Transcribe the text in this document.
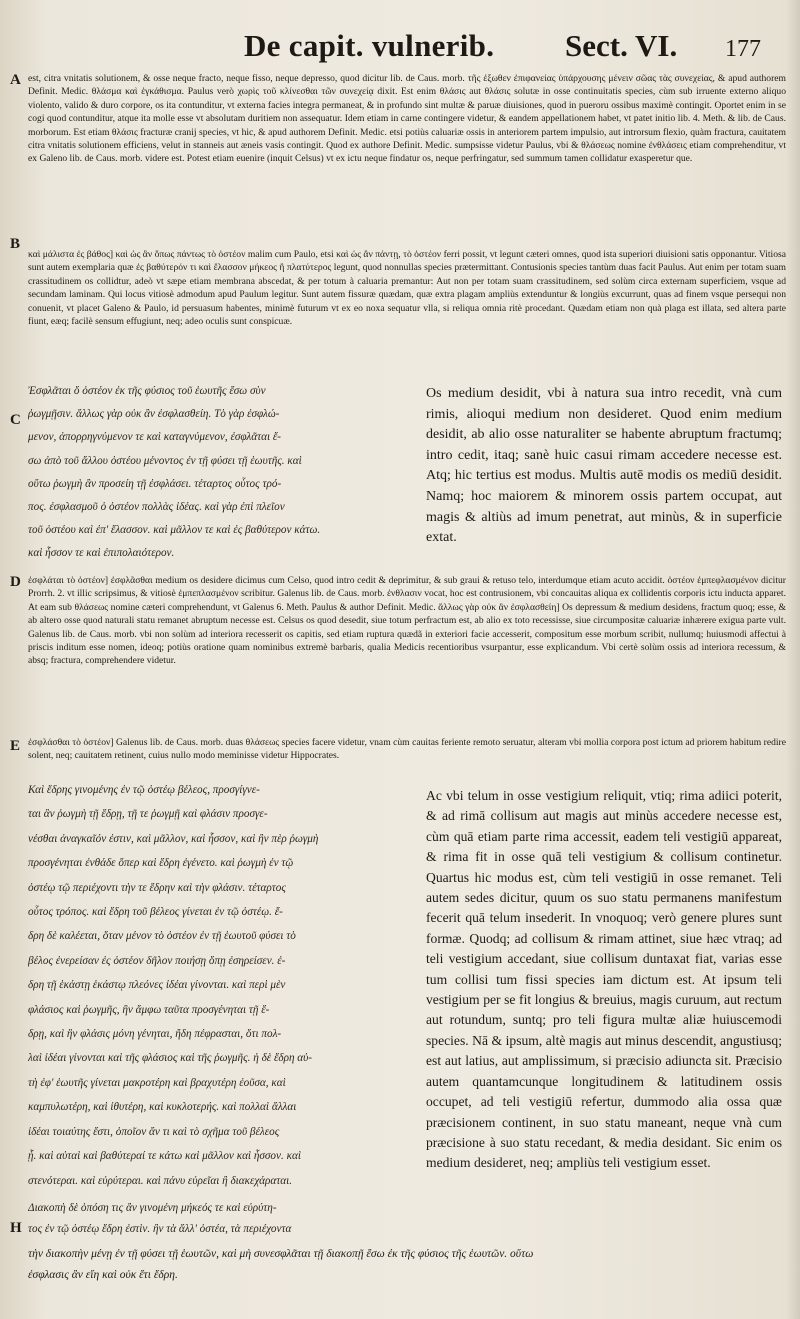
De capit. vulnerib. Sect. VI. 177
A est, citra vnitatis solutionem, & osse neque fracto, neque fisso, neque depresso, quod dicitur lib. de Caus. morb. τῆς ἐξωθεν ἐπιφανείας ὑπάρχουσης μένειν σῶας τὰς συνεχείας, & apud authorem Definit. Medic. θλάσμα καὶ ἐγκάθισμα. Paulus verò χωρὶς τοῦ κλίνεσθαι τῶν συνεχείᾳ dixit. Est enim θλάσις aut θλάσις solutæ in osse continuitatis species, cùm sub irruente externo aliquo violento, valido & duro corpore, os ita contunditur, vt externa facies integra permaneat, & in profundo sint multæ & paruæ diuisiones, quod in pueroru ossibus maximè contingit. Oportet enim in se cogi quod contunditur, atque ita molle esse vt absolutam duritiem non assequatur. Idem etiam in carne contingere videtur, & eandem appellationem habet, vt patet initio lib. 4. Meth. & lib. de Caus. morborum. Est etiam θλάσις fracturæ cranij species, vt hic, & apud authorem Definit. Medic. etsi potiùs caluariæ ossis in anteriorem partem impulsio, aut introrsum flexio, quàm fractura, cauitatem citra vnitatis solutionem efficiens, velut in stanneis aut æneis vasis contingit. Quod ex authore Definit. Medic. sumpsisse videtur Paulus, vbi & θλάσεως nomine ἐνθλάσεις etiam comprehenditur, vt ex Galeno lib. de Caus. morb. videre est. Potest etiam euenire (inquit Celsus) vt ex ictu neque findatur os, neque perfringatur, sed summum tamen collidatur exasperetur que.
B
καὶ μάλιστα ἐς βάθος] καὶ ὡς ἂν ὅπως πάντως τὸ ὀστέον malim cum Paulo, etsi καὶ ὡς ἂν πάντῃ, τὸ ὀστέον ferri possit, vt legunt cæteri omnes, quod ista superiori diuisioni satis opponantur. Vitiosa sunt autem exemplaria quæ ἐς βαθύτερόν τι καὶ ἔλασσον μήκεος ἢ πλατύτερος legunt, quod nonnullas species prætermittant. Contusionis species tantùm duas facit Paulus. Aut enim per totam suam crassitudinem os collidtur, adeò vt sæpe etiam membrana abscedat, & per totum à caluaria premantur: Aut non per totam suam crassitudinem, sed solùm circa externam superficiem, vsque ad secundam laminam. Qui locus vitiosè admodum apud Paulum legitur. Sunt autem fissuræ quædam, quæ extra plagam ampliùs extenduntur & longiùs excurrunt, quas ad finem vsque persequi non conuenit, vt placet Galeno & Paulo, id persuasum habentes, minimè futurum vt ex eo noxa sequatur vlla, si reliqua omnia ritè procedant. Quædam etiam non quà plaga est illata, sed altera parte fiunt, eæq; facilè sensum effugiunt, neq; adeo oculis sunt conspicuæ.
C
Ἐσφλᾶται ὅ ὀστέον ἐκ τῆς φύσιος τοῦ ἑωυτῆς ἔσω σὺν
ῥωγμῇσιν. ἄλλως γὰρ οὐκ ἂν ἐσφλασθείη. Τὸ γὰρ ἐσφλώ-
μενον, ἀπορρηγνύμενον τε καὶ καταγνύμενον, ἐσφλᾶται ἔ-
σω ἀπὸ τοῦ ἄλλου ὀστέου μένοντος ἐν τῇ φύσει τῇ ἑωυτῆς. καὶ
οὕτω ῥωγμὴ ἂν προσείη τῇ ἐσφλάσει. τέταρτος οὗτος τρό-
πος. ἐσφλασμοῦ ὁ ὀστέον πολλὰς ἰδέας. καὶ γὰρ ἐπὶ πλεῖον
τοῦ ὀστέου καὶ ἐπ' ἔλασσον. καὶ μᾶλλον τε καὶ ἐς βαθύτερον κάτω.
καὶ ἧσσον τε καὶ ἐπιπολαιότερον.
Os medium desidit, vbi à natura sua intro recedit, vnà cum rimis, alioqui medium non desideret. Quod enim medium desidit, ab alio osse naturaliter se habente abruptum fractumq; intro cedit, itaq; sanè huic casui rimam accedere necesse est. Atq; hic tertius est modus. Multis autē modis os mediū desidit. Namq; hoc maiorem & minorem ossis partem occupat, aut magis & altiùs ad imum penetrat, aut minùs, & in superficie extat.
D ἐσφλάται τὸ ὀστέον] ἐσφλᾶσθαι medium os desidere dicimus cum Celso, quod intro cedit & deprimitur, & sub graui & retuso telo, interdumque etiam acuto accidit. ὀστέον ἐμπεφλασμένον dicitur Prorrh. 2. vt illic scripsimus, & vitiosè ἐμπεπλασμένον scribitur. Galenus lib. de Caus. morb. ἐνθλασιν vocat, hoc est contrusionem, vbi concauitas aliqua ex collidentis corporis ictu inducta apparet. At eam sub θλάσεως nomine cæteri comprehendunt, vt Galenus 6. Meth. Paulus & author Definit. Medic. ἄλλως γὰρ οὐκ ἂν ἐσφλασθείη] Os depressum & medium desidens, fractum quoq; esse, & ab altero osse quod naturali statu remanet abruptum necesse est. Celsus os quod desedit, siue totum perfractum est, ab alio ex toto recessisse, siue circumpositæ caluariæ inhærere exigua parte vult. Galenus lib. de Caus. morb. vbi non solùm ad interiora recesserit os capitis, sed etiam ruptura quædã in exteriori facie accesserit, compositum esse morbum scribit, nullumq; huiusmodi affectui à priscis inditum esse nomen, ideoq; potiùs oratione quam nominibus extremè barbaris, qualia Medicis recentioribus vsurpantur, esse explicandum. Vbi certè solùm ossis ad interiora recessum, & absq; fractura, comprehendere videtur.
E ἐσφλάσθαι τὸ ὀστέον] Galenus lib. de Caus. morb. duas θλάσεως species facere videtur, vnam cùm cauitas feriente remoto seruatur, alteram vbi mollia corpora post ictum ad priorem habitum redire solent, neq; cauitatem retinent, cuius nullo modo meminisse videtur Hippocrates.
Καὶ ἕδρης γινομένης ἐν τῷ ὀστέῳ βέλεος, προσγίγνε-
ται ἂν ῥωγμὴ τῇ ἕδρῃ, τῇ τε ῥωγμῇ καὶ φλάσιν προσγε-
νέσθαι ἀναγκαῖόν ἐστιν, καὶ μᾶλλον, καὶ ἧσσον, καὶ ἢν πὲρ ῥωγμὴ
προσγένηται ἐνθάδε ὅπερ καὶ ἕδρη ἐγένετο. καὶ ῥωγμὴ ἐν τῷ
ὀστέῳ τῷ περιέχοντι τὴν τε ἕδρην καὶ τὴν φλάσιν. τέταρτος
οὗτος τρόπος. καὶ ἕδρη τοῦ βέλεος γίνεται ἐν τῷ ὀστέῳ. ἕ-
δρη δὲ καλέεται, ὅταν μένον τὸ ὀστέον ἐν τῇ ἑωυτοῦ φύσει τὸ
βέλος ἐνερείσαν ἐς ὀστέον δῆλον ποιήσῃ ὅπῃ ἐσηρείσεν. ἐ-
δρη τῇ ἑκάστῃ ἑκάστῳ πλεόνες ἰδέαι γίνονται. καὶ περὶ μὲν
φλάσιος καὶ ῥωγμῆς, ἣν ἄμφω ταῦτα προσγένηται τῇ ἕ-
δρῃ, καὶ ἣν φλάσις μόνη γένηται, ἤδη πέφρασται, ὅτι πολ-
λαὶ ἰδέαι γίνονται καὶ τῆς φλάσιος καὶ τῆς ῥωγμῆς. ἡ δὲ ἕδρη αὐ-
τὴ ἐφ' ἑωυτῆς γίνεται μακροτέρη καὶ βραχυτέρη ἐοῦσα, καὶ
καμπυλωτέρη, καὶ ἰθυτέρη, καὶ κυκλοτερής. καὶ πολλαὶ ἄλλαι
ἰδέαι τοιαύτης ἔστι, ὁποῖον ἄν τι καὶ τὸ σχῆμα τοῦ βέλεος
ᾖ. καὶ αὐταὶ καὶ βαθύτεραί τε κάτω καὶ μᾶλλον καὶ ἧσσον. καὶ
στενότεραι. καὶ εὐρύτεραι. καὶ πάνυ εὐρεῖαι ἢ διακεχάραται.
Ac vbi telum in osse vestigium reliquit, vtiq; rima adiici poterit, & ad rimā collisum aut magis aut minùs accedere necesse est, cùm quā etiam parte rima accessit, eadem teli vestigiū appareat, & rima fit in osse quā teli vestigium & collisum continetur. Quartus hic modus est, cùm teli vestigiū in osse remanet. Teli autem sedes dicitur, quum os suo statu permanens manifestum fecerit quā telum insederit. In vnoquoq; verò genere plures sunt formæ. Quodq; ad collisum & rimam attinet, siue hæc vtraq; ad teli vestigium accedant, siue collisum duntaxat fiat, varias esse tum collisi tum fissi species iam dictum est. At ipsum teli vestigium per se fit longius & breuius, magis curuum, aut rectum aut rotundum, suntq; pro teli figura multæ aliæ huiuscemodi species. Nā & ipsum, altè magis aut minus descendit, angustiusq; est aut latius, aut amplissimum, si præcisio adiuncta sit. Præcisio autem quantamcunque longitudinem & latitudinem ossis occupet, ad teli vestigiū refertur, dummodo alia ossa quæ præcisionem continent, in suo statu maneant, neque vnà cum præcisione à suo statu recedant, & media desidant. Sic enim os medium desideret, neq; ampliùs teli vestigium esset.
H
Διακοπὴ δὲ ὁπόση τις ἂν γινομένη μήκεός τε καὶ εὐρύτη-
τος ἐν τῷ ὀστέῳ ἕδρη ἐστὶν. ἢν τὰ ἄλλ' ὀστέα, τὰ περιέχοντα
τὴν διακοπὴν μένῃ ἐν τῇ φύσει τῇ ἑωυτῶν, καὶ μὴ συνεσφλᾶται τῇ διακοπῇ ἔσω ἐκ τῆς φύσιος τῆς ἑωυτῶν. οὕτω
ἐσφλασις ἂν εἴη καὶ οὐκ ἔτι ἕδρη.
